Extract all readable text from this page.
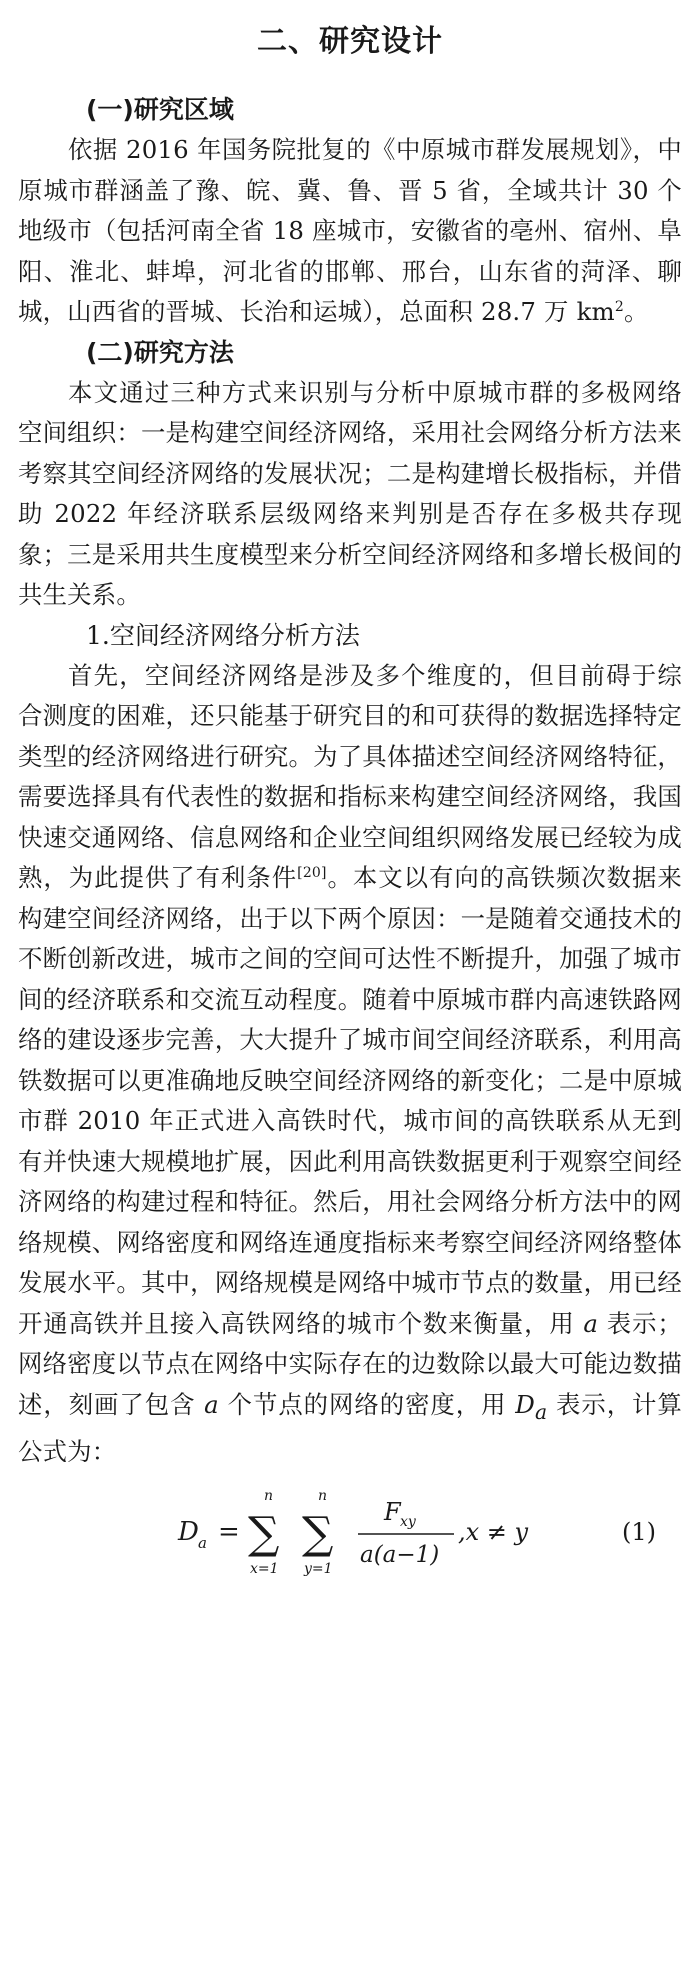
二、研究设计
(一)研究区域

依据 2016 年国务院批复的《中原城市群发展规划》，中原城市群涵盖了豫、皖、冀、鲁、晋 5 省，全域共计 30 个地级市（包括河南全省 18 座城市，安徽省的亳州、宿州、阜阳、淮北、蚌埠，河北省的邯郸、邢台，山东省的菏泽、聊城，山西省的晋城、长治和运城），总面积 28.7 万 $km^2$。

(二)研究方法

本文通过三种方式来识别与分析中原城市群的多极网络空间组织：一是构建空间经济网络，采用社会网络分析方法来考察其空间经济网络的发展状况；二是构建增长极指标，并借助 2022 年经济联系层级网络来判别是否存在多极共存现象；三是采用共生度模型来分析空间经济网络和多增长极间的共生关系。

1.空间经济网络分析方法

首先，空间经济网络是涉及多个维度的，但目前碍于综合测度的困难，还只能基于研究目的和可获得的数据选择特定类型的经济网络进行研究。为了具体描述空间经济网络特征，需要选择具有代表性的数据和指标来构建空间经济网络，我国快速交通网络、信息网络和企业空间组织网络发展已经较为成熟，为此提供了有利条件[20]。本文以有向的高铁频次数据来构建空间经济网络，出于以下两个原因：一是随着交通技术的不断创新改进，城市之间的空间可达性不断提升，加强了城市间的经济联系和交流互动程度。随着中原城市群内高速铁路网络的建设逐步完善，大大提升了城市间空间经济联系，利用高铁数据可以更准确地反映空间经济网络的新变化；二是中原城市群 2010 年正式进入高铁时代，城市间的高铁联系从无到有并快速大规模地扩展，因此利用高铁数据更利于观察空间经济网络的构建过程和特征。然后，用社会网络分析方法中的网络规模、网络密度和网络连通度指标来考察空间经济网络整体发展水平。其中，网络规模是网络中城市节点的数量，用已经开通高铁并且接入高铁网络的城市个数来衡量，用 a 表示；网络密度以节点在网络中实际存在的边数除以最大可能边数描述，刻画了包含 a 个节点的网络的密度，用 $D_a$ 表示，计算公式为：

D a =
n
∑
x=1
n
∑
y=1
F xy
a(a−1)
,x ≠ y	(1)
